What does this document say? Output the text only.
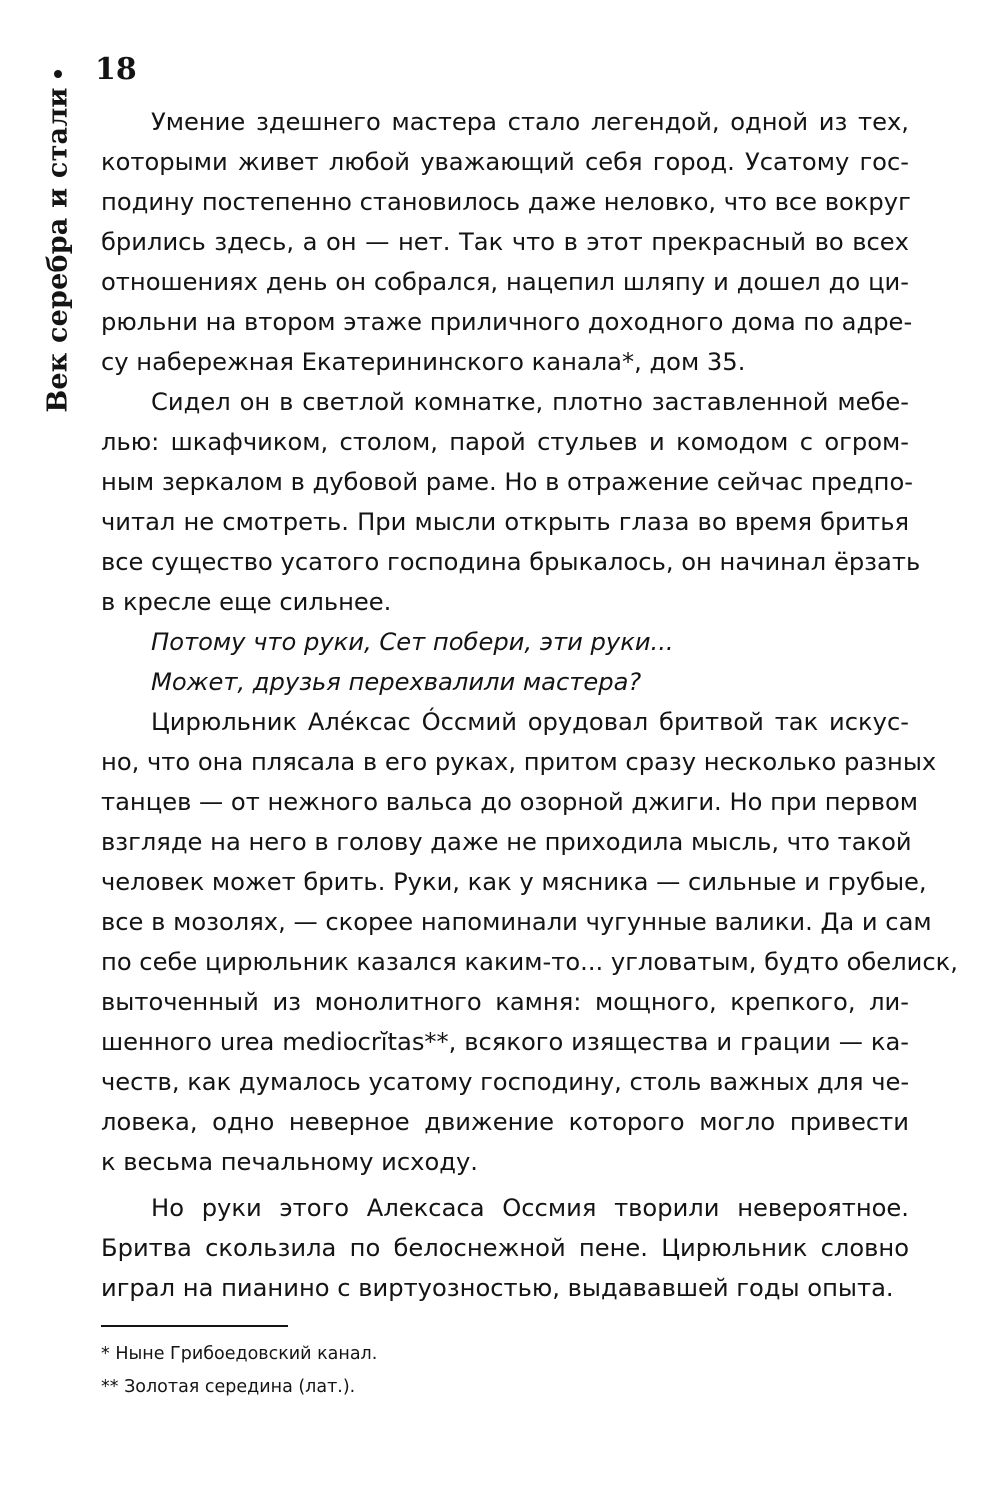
Век серебра и стали
18
Умение здешнего мастера стало легендой, одной из тех,
которыми живет любой уважающий себя город. Усатому гос-
подину постепенно становилось даже неловко, что все вокруг
брились здесь, а он — нет. Так что в этот прекрасный во всех
отношениях день он собрался, нацепил шляпу и дошел до ци-
рюльни на втором этаже приличного доходного дома по адре-
су набережная Екатерининского канала*, дом 35.
Сидел он в светлой комнатке, плотно заставленной мебе-
лью: шкафчиком, столом, парой стульев и комодом с огром-
ным зеркалом в дубовой раме. Но в отражение сейчас предпо-
читал не смотреть. При мысли открыть глаза во время бритья
все существо усатого господина брыкалось, он начинал ёрзать
в кресле еще сильнее.
Потому что руки, Сет побери, эти руки...
Может, друзья перехвалили мастера?
Цирюльник Алéксас Óссмий орудовал бритвой так искус-
но, что она плясала в его руках, притом сразу несколько разных
танцев — от нежного вальса до озорной джиги. Но при первом
взгляде на него в голову даже не приходила мысль, что такой
человек может брить. Руки, как у мясника — сильные и грубые,
все в мозолях, — скорее напоминали чугунные валики. Да и сам
по себе цирюльник казался каким-то... угловатым, будто обелиск,
выточенный из монолитного камня: мощного, крепкого, ли-
шенного urea mediocrĭtas**, всякого изящества и грации — ка-
честв, как думалось усатому господину, столь важных для че-
ловека, одно неверное движение которого могло привести
к весьма печальному исходу.
Но руки этого Алексаса Оссмия творили невероятное.
Бритва скользила по белоснежной пене. Цирюльник словно
играл на пианино с виртуозностью, выдававшей годы опыта.
* Ныне Грибоедовский канал.
** Золотая середина (лат.).
